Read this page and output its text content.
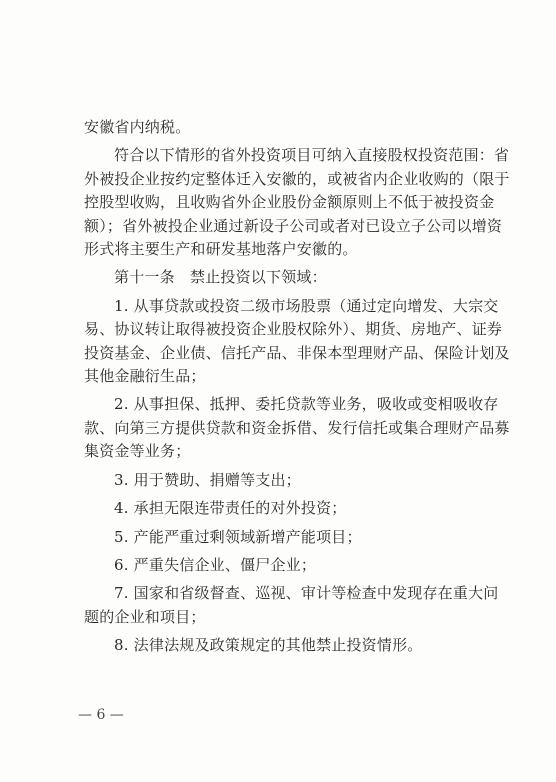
安徽省内纳税。
符合以下情形的省外投资项目可纳入直接股权投资范围：省
外被投企业按约定整体迁入安徽的，或被省内企业收购的（限于
控股型收购，且收购省外企业股份金额原则上不低于被投资金
额）；省外被投企业通过新设子公司或者对已设立子公司以增资
形式将主要生产和研发基地落户安徽的。
第十一条　禁止投资以下领域：
1. 从事贷款或投资二级市场股票（通过定向增发、大宗交
易、协议转让取得被投资企业股权除外）、期货、房地产、证券
投资基金、企业债、信托产品、非保本型理财产品、保险计划及
其他金融衍生品；
2. 从事担保、抵押、委托贷款等业务，吸收或变相吸收存
款、向第三方提供贷款和资金拆借、发行信托或集合理财产品募
集资金等业务；
3. 用于赞助、捐赠等支出；
4. 承担无限连带责任的对外投资；
5. 产能严重过剩领域新增产能项目；
6. 严重失信企业、僵尸企业；
7. 国家和省级督查、巡视、审计等检查中发现存在重大问
题的企业和项目；
8. 法律法规及政策规定的其他禁止投资情形。
— 6 —
